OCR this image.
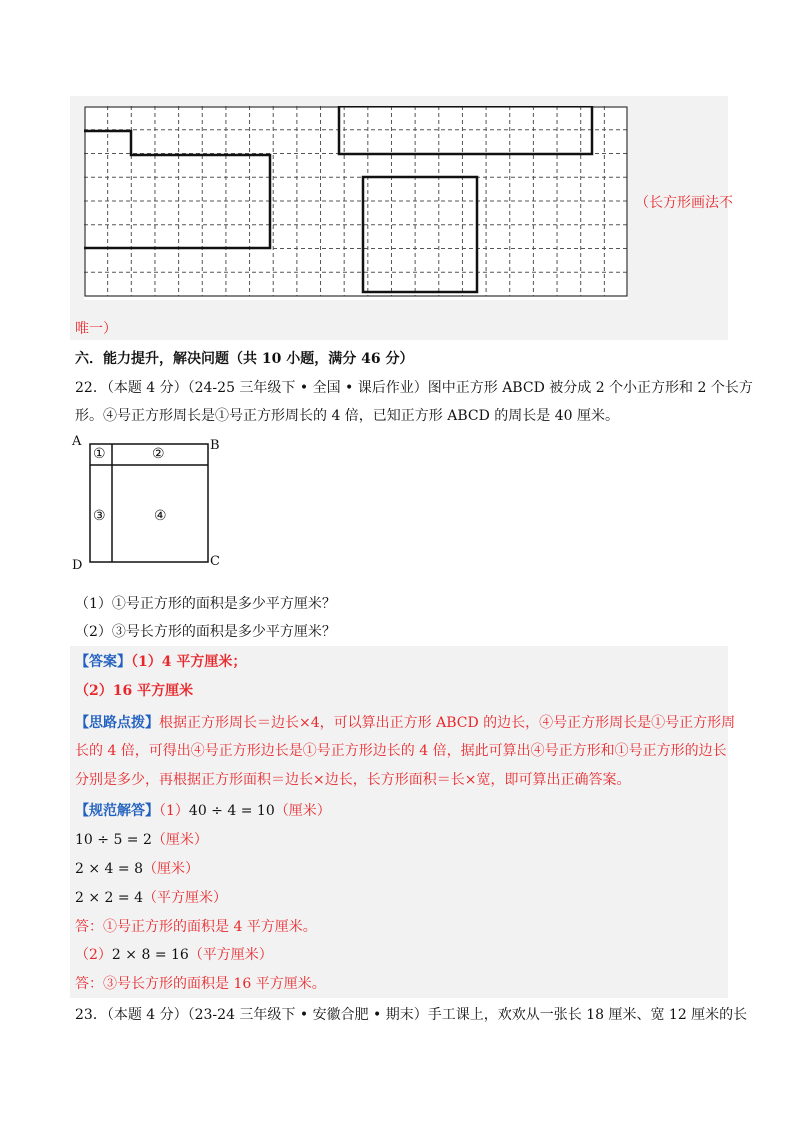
（长方形画法不
唯一）
六．能力提升，解决问题（共 10 小题，满分 46 分）
22．（本题 4 分）（24-25 三年级下 • 全国 • 课后作业）图中正方形 ABCD 被分成 2 个小正方形和 2 个长方
形。④号正方形周长是①号正方形周长的 4 倍，已知正方形 ABCD 的周长是 40 厘米。
A	B
C
D
①	②
③	④
（1）①号正方形的面积是多少平方厘米？
（2）③号长方形的面积是多少平方厘米？
【答案】（1）4 平方厘米；
（2）16 平方厘米
【思路点拨】根据正方形周长＝边长×4，可以算出正方形 ABCD 的边长，④号正方形周长是①号正方形周
长的 4 倍，可得出④号正方形边长是①号正方形边长的 4 倍，据此可算出④号正方形和①号正方形的边长
分别是多少，再根据正方形面积＝边长×边长，长方形面积＝长×宽，即可算出正确答案。
【规范解答】（1）40 ÷ 4 = 10（厘米）
10 ÷ 5 = 2（厘米）
2 × 4 = 8（厘米）
2 × 2 = 4（平方厘米）
答：①号正方形的面积是 4 平方厘米。
（2）2 × 8 = 16（平方厘米）
答：③号长方形的面积是 16 平方厘米。
23．（本题 4 分）（23-24 三年级下 • 安徽合肥 • 期末）手工课上，欢欢从一张长 18 厘米、宽 12 厘米的长
